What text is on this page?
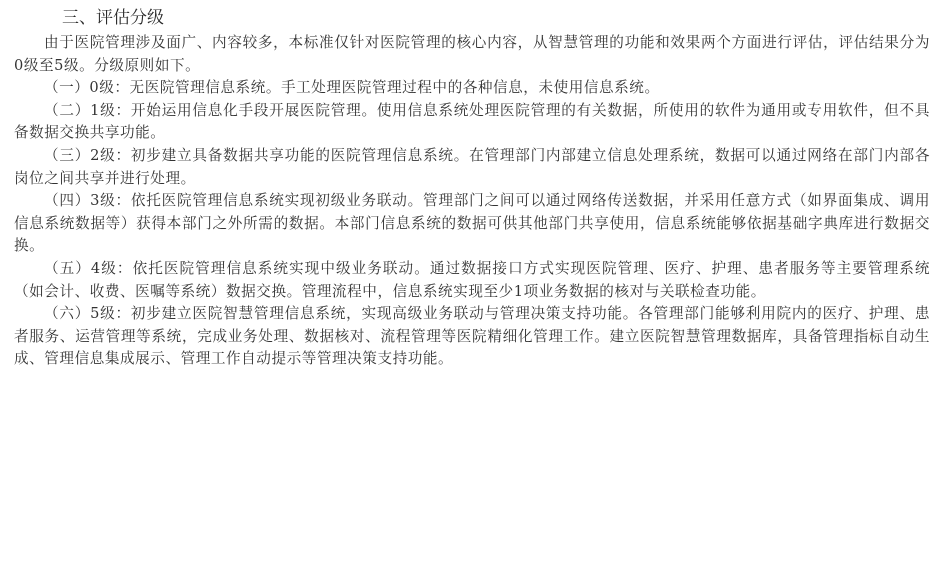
三、评估分级

由于医院管理涉及面广、内容较多，本标准仅针对医院管理的核心内容，从智慧管理的功能和效果两个方面进行评估，评估结果分为0级至5级。分级原则如下。

（一）0级：无医院管理信息系统。手工处理医院管理过程中的各种信息，未使用信息系统。

（二）1级：开始运用信息化手段开展医院管理。使用信息系统处理医院管理的有关数据，所使用的软件为通用或专用软件，但不具备数据交换共享功能。

（三）2级：初步建立具备数据共享功能的医院管理信息系统。在管理部门内部建立信息处理系统，数据可以通过网络在部门内部各岗位之间共享并进行处理。

（四）3级：依托医院管理信息系统实现初级业务联动。管理部门之间可以通过网络传送数据，并采用任意方式（如界面集成、调用信息系统数据等）获得本部门之外所需的数据。本部门信息系统的数据可供其他部门共享使用，信息系统能够依据基础字典库进行数据交换。

（五）4级：依托医院管理信息系统实现中级业务联动。通过数据接口方式实现医院管理、医疗、护理、患者服务等主要管理系统（如会计、收费、医嘱等系统）数据交换。管理流程中，信息系统实现至少1项业务数据的核对与关联检查功能。

（六）5级：初步建立医院智慧管理信息系统，实现高级业务联动与管理决策支持功能。各管理部门能够利用院内的医疗、护理、患者服务、运营管理等系统，完成业务处理、数据核对、流程管理等医院精细化管理工作。建立医院智慧管理数据库，具备管理指标自动生成、管理信息集成展示、管理工作自动提示等管理决策支持功能。
